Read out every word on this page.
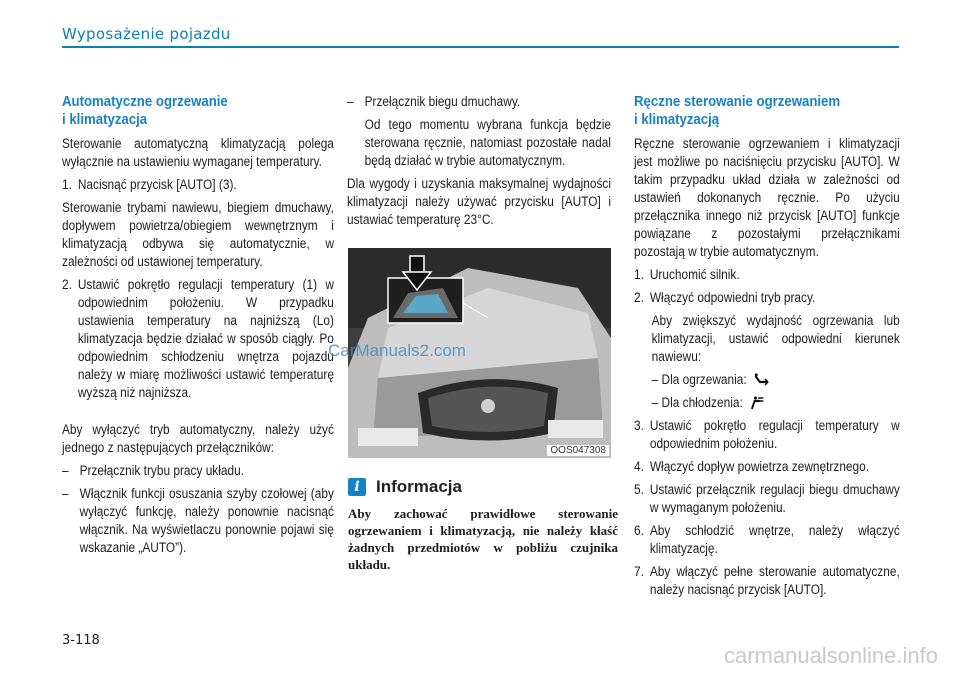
Wyposażenie pojazdu
Automatyczne ogrzewanie
i klimatyzacja

Sterowanie automatyczną klimatyzacją polega wyłącznie na ustawieniu wymaganej temperatury.

1. Nacisnąć przycisk [AUTO] (3).

Sterowanie trybami nawiewu, biegiem dmuchawy, dopływem powietrza/obiegiem wewnętrznym i klimatyzacją odbywa się automatycznie, w zależności od ustawionej temperatury.

2. Ustawić pokrętło regulacji temperatury (1) w odpowiednim położeniu. W przypadku ustawienia temperatury na najniższą (Lo) klimatyzacja będzie działać w sposób ciągły. Po odpowiednim schłodzeniu wnętrza pojazdu należy w miarę możliwości ustawić temperaturę wyższą niż najniższa.

Aby wyłączyć tryb automatyczny, należy użyć jednego z następujących przełączników:

– Przełącznik trybu pracy układu.
– Włącznik funkcji osuszania szyby czołowej (aby wyłączyć funkcję, należy ponownie nacisnąć włącznik. Na wyświetlaczu ponownie pojawi się wskazanie „AUTO”).
– Przełącznik biegu dmuchawy.

Od tego momentu wybrana funkcja będzie sterowana ręcznie, natomiast pozostałe nadal będą działać w trybie automatycznym.

Dla wygody i uzyskania maksymalnej wydajności klimatyzacji należy używać przycisku [AUTO] i ustawiać temperaturę 23°C.

OOS047308
CarManuals2.com
i Informacja

Aby zachować prawidłowe sterowanie ogrzewaniem i klimatyzacją, nie należy kłaść żadnych przedmiotów w pobliżu czujnika układu.

Ręczne sterowanie ogrzewaniem
i klimatyzacją

Ręczne sterowanie ogrzewaniem i klimatyzacji jest możliwe po naciśnięciu przycisku [AUTO]. W takim przypadku układ działa w zależności od ustawień dokonanych ręcznie. Po użyciu przełącznika innego niż przycisk [AUTO] funkcje powiązane z pozostałymi przełącznikami pozostają w trybie automatycznym.

1. Uruchomić silnik.
2. Włączyć odpowiedni tryb pracy.

Aby zwiększyć wydajność ogrzewania lub klimatyzacji, ustawić odpowiedni kierunek nawiewu:

– Dla ogrzewania:
– Dla chłodzenia:
3. Ustawić pokrętło regulacji temperatury w odpowiednim położeniu.
4. Włączyć dopływ powietrza zewnętrznego.
5. Ustawić przełącznik regulacji biegu dmuchawy w wymaganym położeniu.
6. Aby schłodzić wnętrze, należy włączyć klimatyzację.
7. Aby włączyć pełne sterowanie automatyczne, należy nacisnąć przycisk [AUTO].
3-118
carmanualsonline.info
